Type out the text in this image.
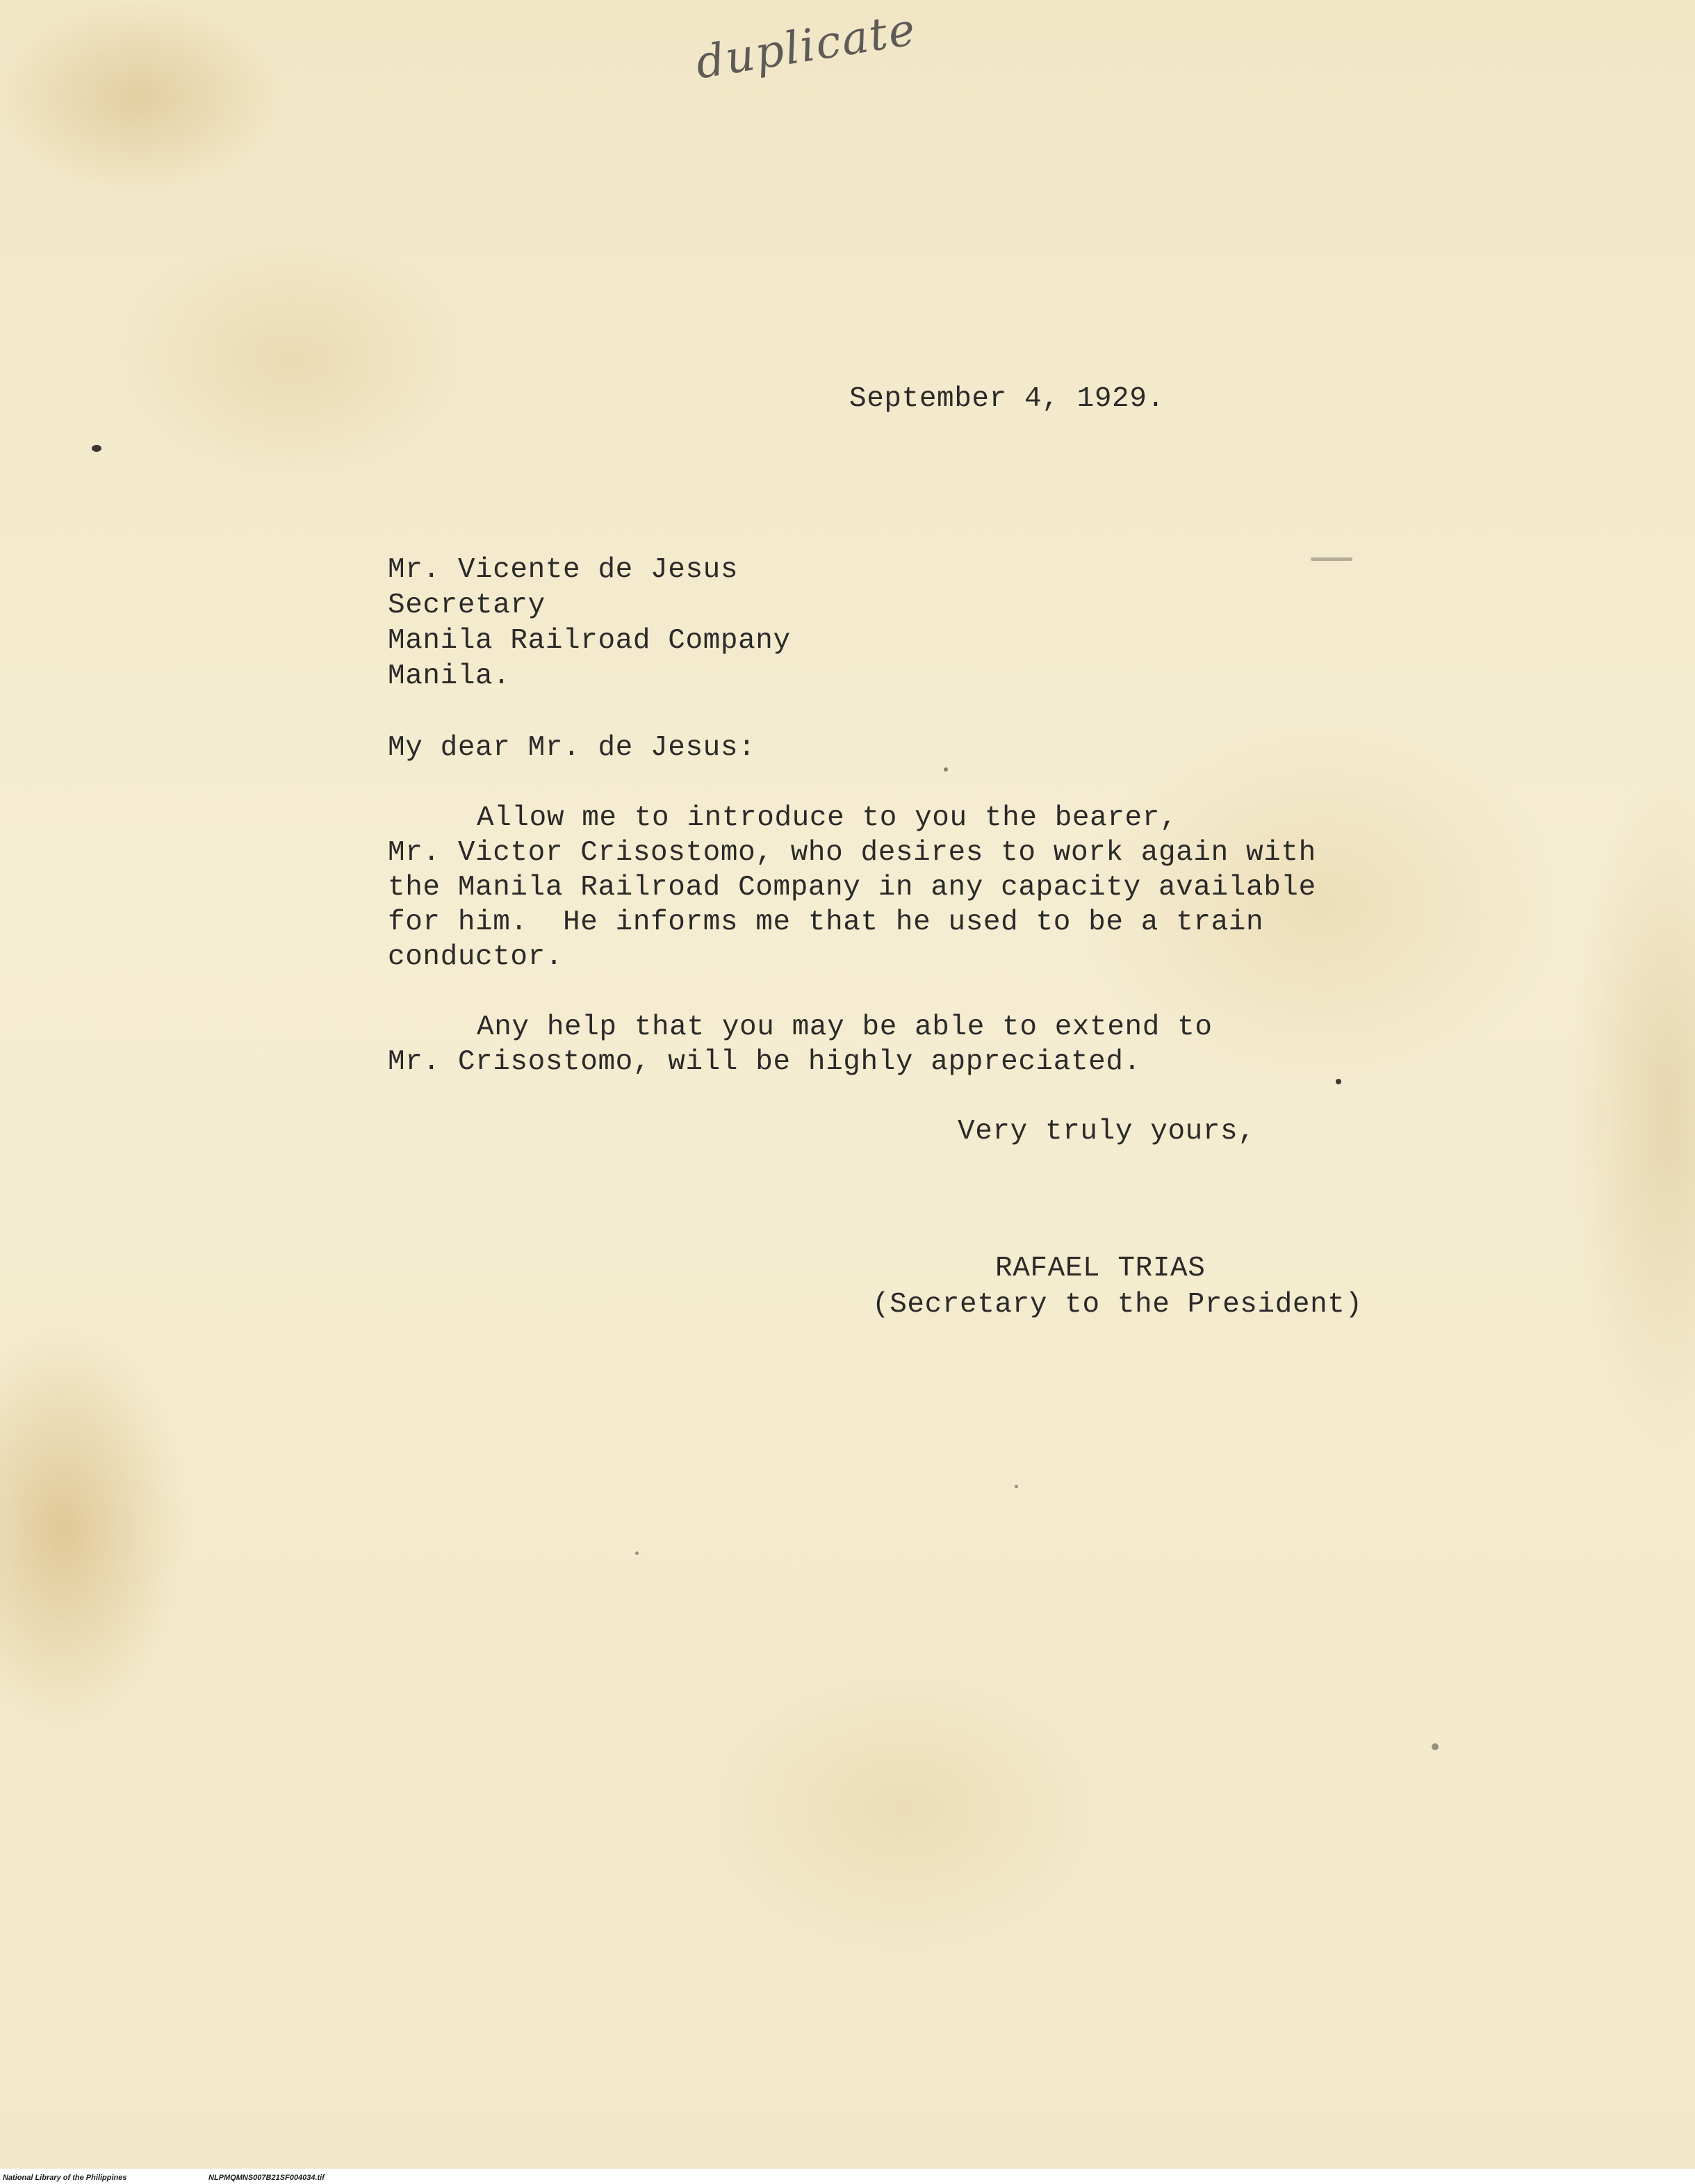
duplicate
September 4, 1929.
Mr. Vicente de Jesus
Secretary
Manila Railroad Company
Manila.
My dear Mr. de Jesus:
Allow me to introduce to you the bearer,
Mr. Victor Crisostomo, who desires to work again with
the Manila Railroad Company in any capacity available
for him.  He informs me that he used to be a train
conductor.
Any help that you may be able to extend to
Mr. Crisostomo, will be highly appreciated.
Very truly yours,
RAFAEL TRIAS
(Secretary to the President)
National Library of the Philippines	NLPMQMNS007B21SF004034.tif
